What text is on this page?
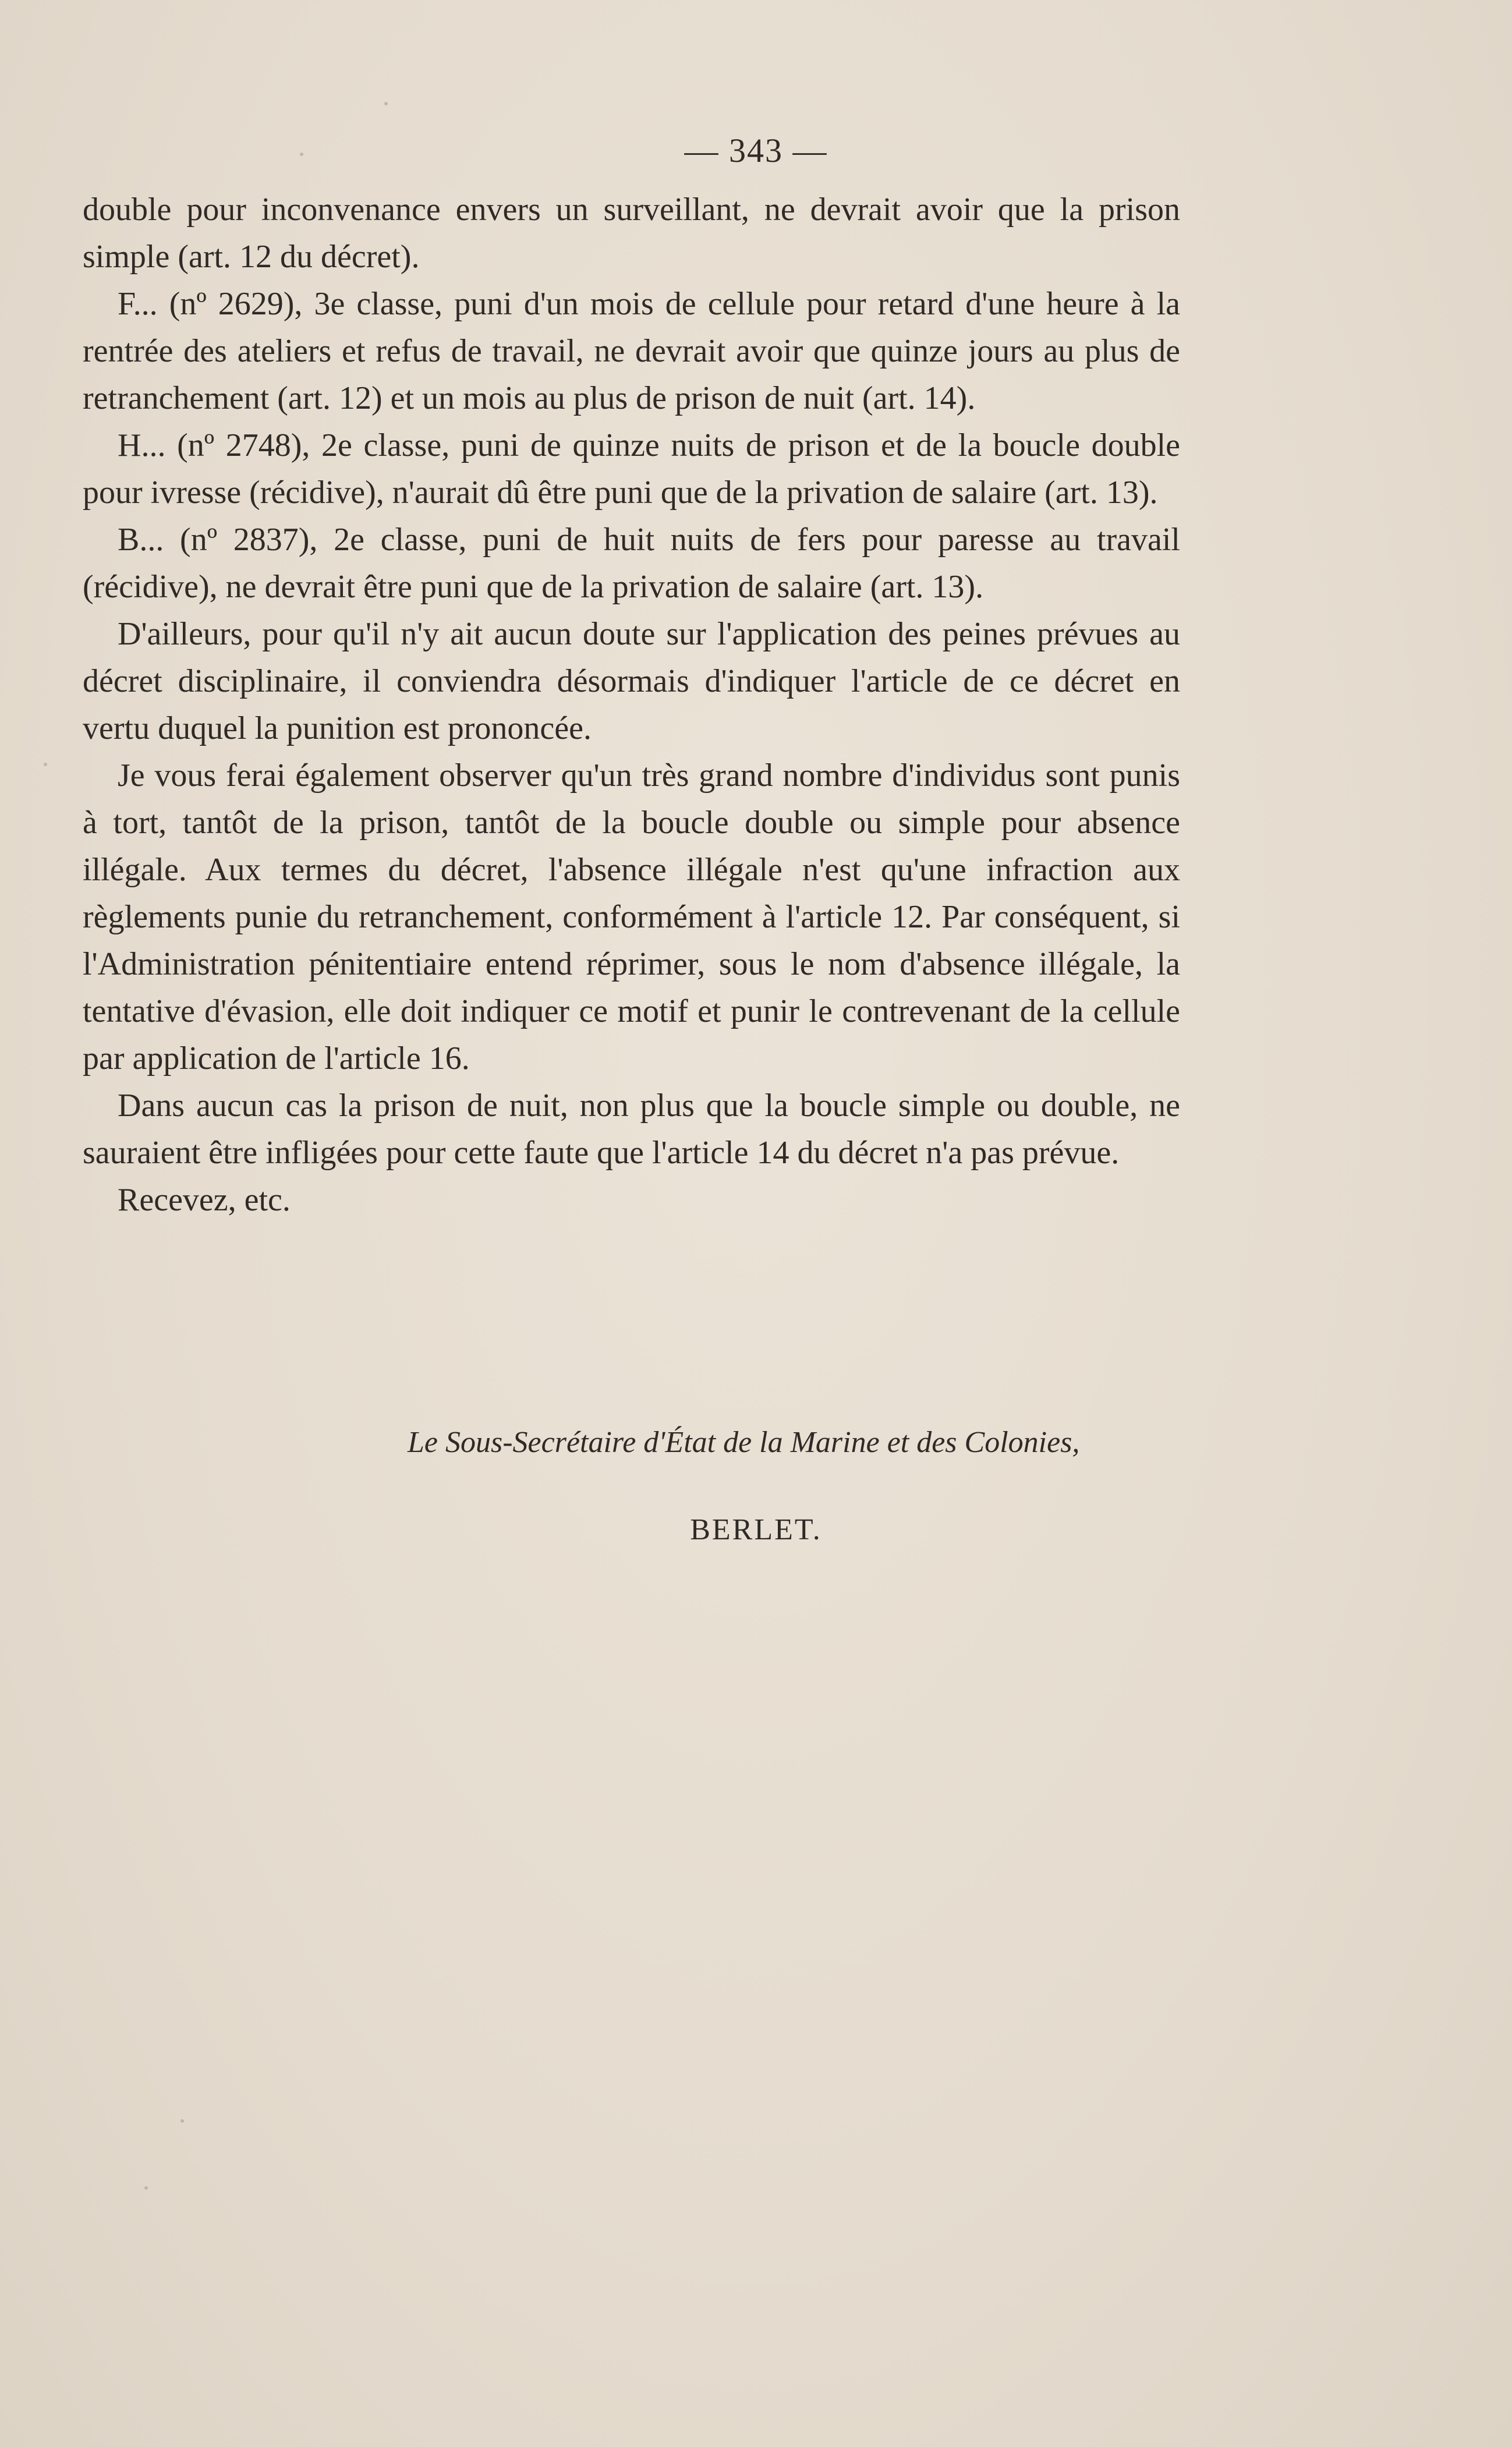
— 343 —

double pour inconvenance envers un surveillant, ne devrait avoir que la prison simple (art. 12 du décret).

F... (nº 2629), 3e classe, puni d'un mois de cellule pour retard d'une heure à la rentrée des ateliers et refus de travail, ne devrait avoir que quinze jours au plus de retranchement (art. 12) et un mois au plus de prison de nuit (art. 14).

H... (nº 2748), 2e classe, puni de quinze nuits de prison et de la boucle double pour ivresse (récidive), n'aurait dû être puni que de la privation de salaire (art. 13).

B... (nº 2837), 2e classe, puni de huit nuits de fers pour paresse au travail (récidive), ne devrait être puni que de la privation de salaire (art. 13).

D'ailleurs, pour qu'il n'y ait aucun doute sur l'application des peines prévues au décret disciplinaire, il conviendra désormais d'indiquer l'article de ce décret en vertu duquel la punition est prononcée.

Je vous ferai également observer qu'un très grand nombre d'individus sont punis à tort, tantôt de la prison, tantôt de la boucle double ou simple pour absence illégale. Aux termes du décret, l'absence illégale n'est qu'une infraction aux règlements punie du retranchement, conformément à l'article 12. Par conséquent, si l'Administration pénitentiaire entend réprimer, sous le nom d'absence illégale, la tentative d'évasion, elle doit indiquer ce motif et punir le contrevenant de la cellule par application de l'article 16.

Dans aucun cas la prison de nuit, non plus que la boucle simple ou double, ne sauraient être infligées pour cette faute que l'article 14 du décret n'a pas prévue.

Recevez, etc.

Le Sous-Secrétaire d'État de la Marine et des Colonies,
BERLET.
